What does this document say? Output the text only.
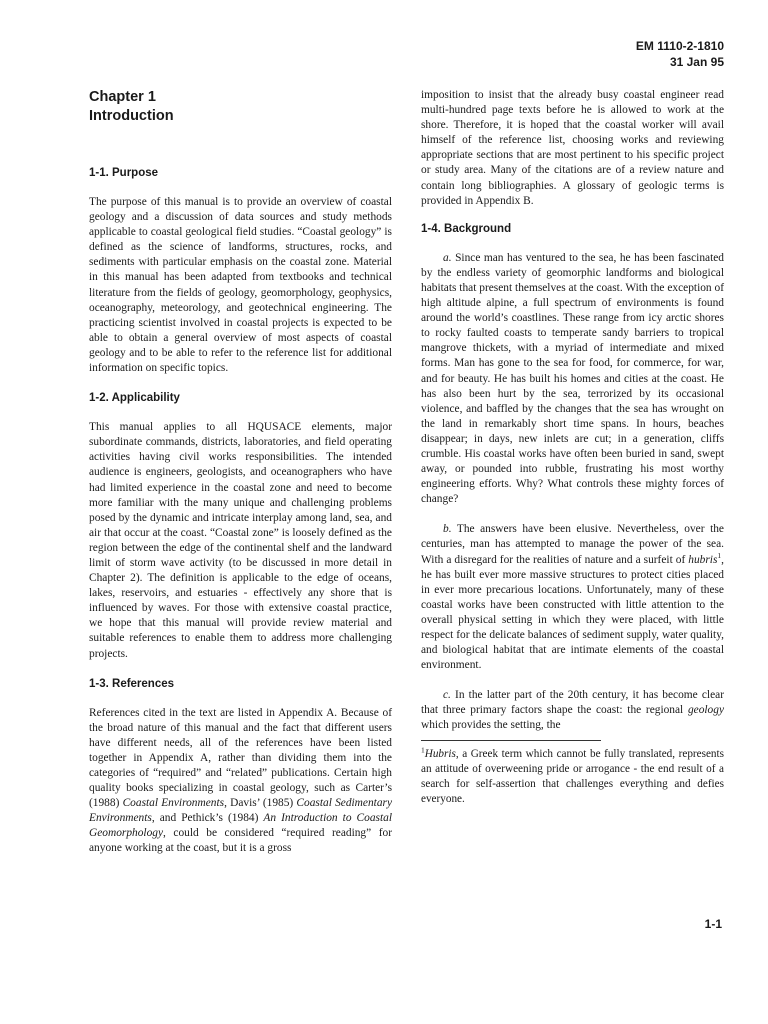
EM 1110-2-1810
31 Jan 95
Chapter 1
Introduction
1-1. Purpose

The purpose of this manual is to provide an overview of coastal geology and a discussion of data sources and study methods applicable to coastal geological field studies. “Coastal geology” is defined as the science of landforms, structures, rocks, and sediments with particular emphasis on the coastal zone. Material in this manual has been adapted from textbooks and technical literature from the fields of geology, geomorphology, geophysics, oceanography, meteorology, and geotechnical engineering. The practicing scientist involved in coastal projects is expected to be able to obtain a general overview of most aspects of coastal geology and to be able to refer to the reference list for additional information on specific topics.

1-2. Applicability

This manual applies to all HQUSACE elements, major subordinate commands, districts, laboratories, and field operating activities having civil works responsibilities. The intended audience is engineers, geologists, and oceanographers who have had limited experience in the coastal zone and need to become more familiar with the many unique and challenging problems posed by the dynamic and intricate interplay among land, sea, and air that occur at the coast. “Coastal zone” is loosely defined as the region between the edge of the continental shelf and the landward limit of storm wave activity (to be discussed in more detail in Chapter 2). The definition is applicable to the edge of oceans, lakes, reservoirs, and estuaries - effectively any shore that is influenced by waves. For those with extensive coastal practice, we hope that this manual will provide review material and suitable references to enable them to address more challenging projects.

1-3. References

References cited in the text are listed in Appendix A. Because of the broad nature of this manual and the fact that different users have different needs, all of the references have been listed together in Appendix A, rather than dividing them into the categories of “required” and “related” publications. Certain high quality books specializing in coastal geology, such as Carter’s (1988) Coastal Environments, Davis’ (1985) Coastal Sedimentary Environments, and Pethick’s (1984) An Introduction to Coastal Geomorphology, could be considered “required reading” for anyone working at the coast, but it is a gross

imposition to insist that the already busy coastal engineer read multi-hundred page texts before he is allowed to work at the shore. Therefore, it is hoped that the coastal worker will avail himself of the reference list, choosing works and reviewing appropriate sections that are most pertinent to his specific project or study area. Many of the citations are of a review nature and contain long bibliographies. A glossary of geologic terms is provided in Appendix B.

1-4. Background

a. Since man has ventured to the sea, he has been fascinated by the endless variety of geomorphic landforms and biological habitats that present themselves at the coast. With the exception of high altitude alpine, a full spectrum of environments is found around the world’s coastlines. These range from icy arctic shores to rocky faulted coasts to temperate sandy barriers to tropical mangrove thickets, with a myriad of intermediate and mixed forms. Man has gone to the sea for food, for commerce, for war, and for beauty. He has built his homes and cities at the coast. He has also been hurt by the sea, terrorized by its occasional violence, and baffled by the changes that the sea has wrought on the land in remarkably short time spans. In hours, beaches disappear; in days, new inlets are cut; in a generation, cliffs crumble. His coastal works have often been buried in sand, swept away, or pounded into rubble, frustrating his most worthy engineering efforts. Why? What controls these mighty forces of change?

b. The answers have been elusive. Nevertheless, over the centuries, man has attempted to manage the power of the sea. With a disregard for the realities of nature and a surfeit of hubris$^1$, he has built ever more massive structures to protect cities placed in ever more precarious locations. Unfortunately, many of these coastal works have been constructed with little attention to the overall physical setting in which they were placed, with little respect for the delicate balances of sediment supply, water quality, and biological habitat that are intimate elements of the coastal environment.

c. In the latter part of the 20th century, it has become clear that three primary factors shape the coast: the regional geology which provides the setting, the

$^1$Hubris, a Greek term which cannot be fully translated, represents an attitude of overweening pride or arrogance - the end result of a search for self-assertion that challenges everything and defies everyone.

1-1
